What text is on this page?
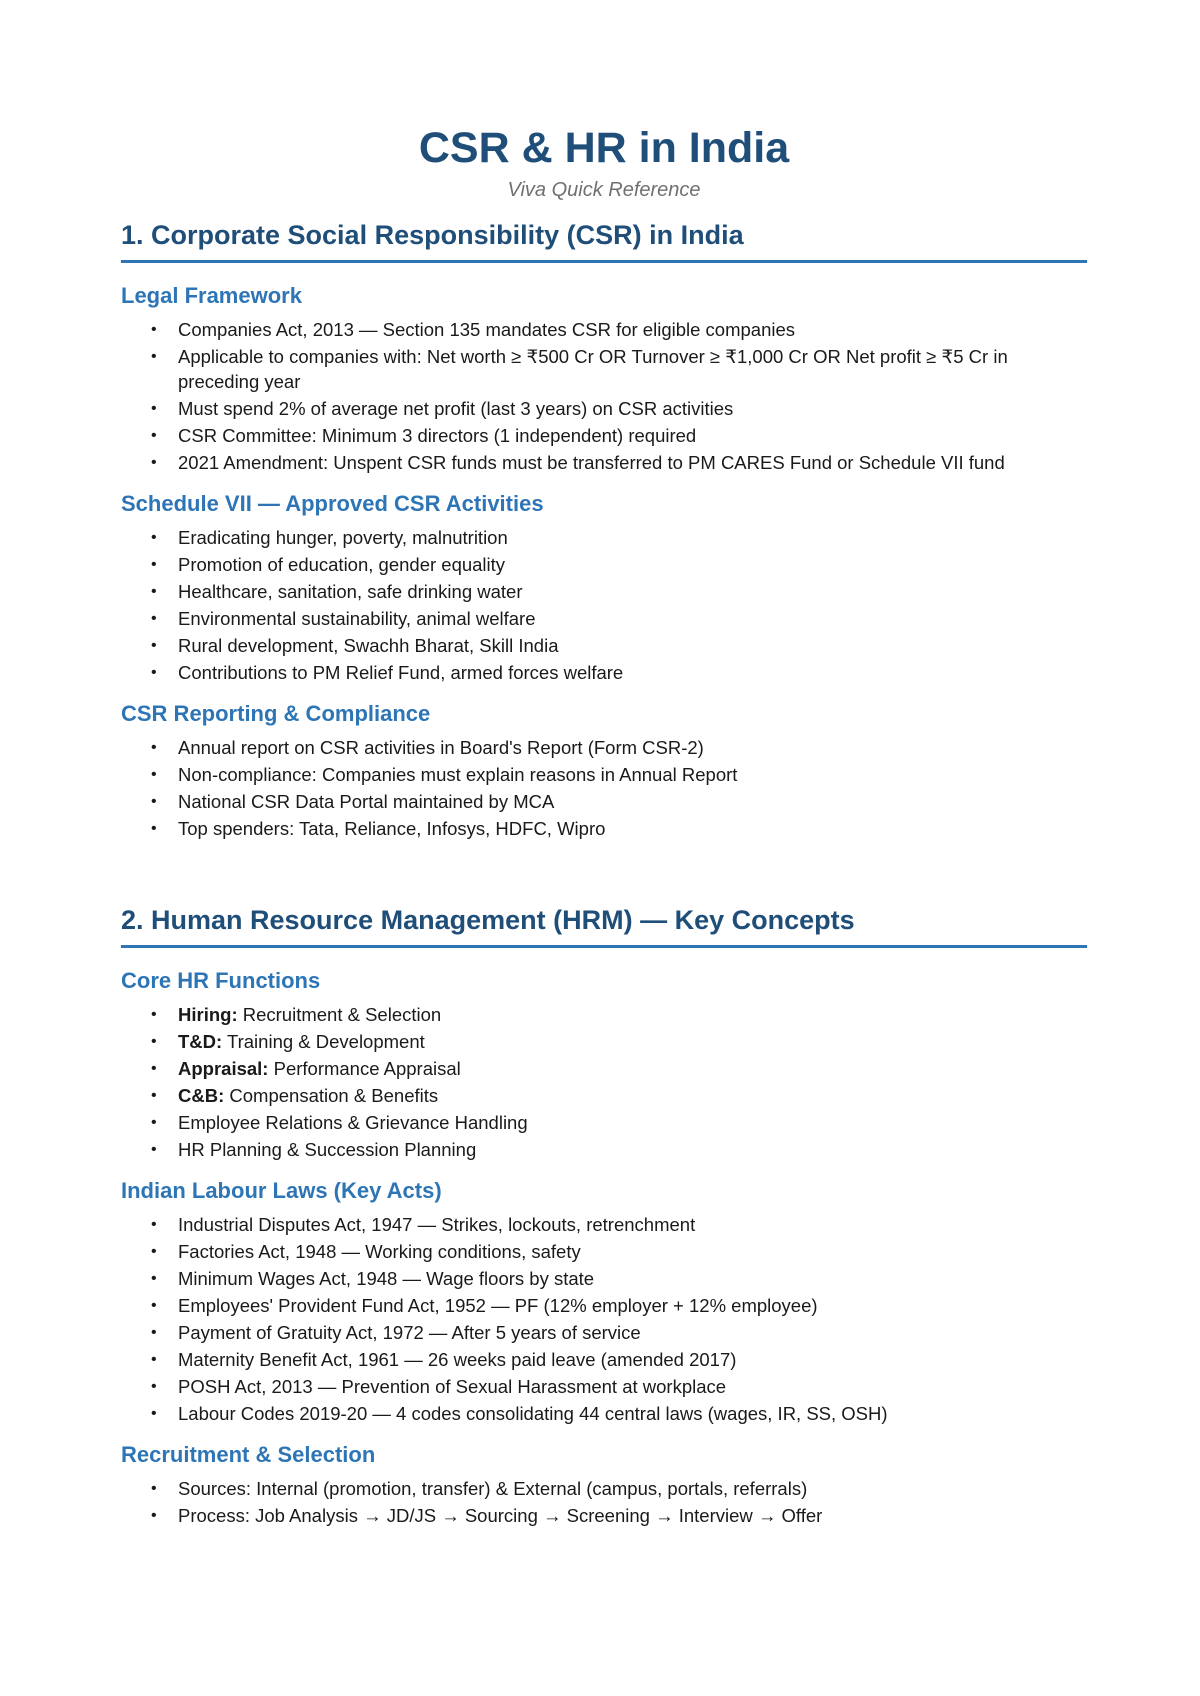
CSR & HR in India
Viva Quick Reference
1. Corporate Social Responsibility (CSR) in India
Legal Framework
• Companies Act, 2013 — Section 135 mandates CSR for eligible companies
• Applicable to companies with: Net worth ≥ ₹500 Cr OR Turnover ≥ ₹1,000 Cr OR Net profit ≥ ₹5 Cr in preceding year
• Must spend 2% of average net profit (last 3 years) on CSR activities
• CSR Committee: Minimum 3 directors (1 independent) required
• 2021 Amendment: Unspent CSR funds must be transferred to PM CARES Fund or Schedule VII fund
Schedule VII — Approved CSR Activities
• Eradicating hunger, poverty, malnutrition
• Promotion of education, gender equality
• Healthcare, sanitation, safe drinking water
• Environmental sustainability, animal welfare
• Rural development, Swachh Bharat, Skill India
• Contributions to PM Relief Fund, armed forces welfare
CSR Reporting & Compliance
• Annual report on CSR activities in Board's Report (Form CSR-2)
• Non-compliance: Companies must explain reasons in Annual Report
• National CSR Data Portal maintained by MCA
• Top spenders: Tata, Reliance, Infosys, HDFC, Wipro
2. Human Resource Management (HRM) — Key Concepts
Core HR Functions
• Hiring: Recruitment & Selection
• T&D: Training & Development
• Appraisal: Performance Appraisal
• C&B: Compensation & Benefits
• Employee Relations & Grievance Handling
• HR Planning & Succession Planning
Indian Labour Laws (Key Acts)
• Industrial Disputes Act, 1947 — Strikes, lockouts, retrenchment
• Factories Act, 1948 — Working conditions, safety
• Minimum Wages Act, 1948 — Wage floors by state
• Employees' Provident Fund Act, 1952 — PF (12% employer + 12% employee)
• Payment of Gratuity Act, 1972 — After 5 years of service
• Maternity Benefit Act, 1961 — 26 weeks paid leave (amended 2017)
• POSH Act, 2013 — Prevention of Sexual Harassment at workplace
• Labour Codes 2019-20 — 4 codes consolidating 44 central laws (wages, IR, SS, OSH)
Recruitment & Selection
• Sources: Internal (promotion, transfer) & External (campus, portals, referrals)
• Process: Job Analysis → JD/JS → Sourcing → Screening → Interview → Offer
